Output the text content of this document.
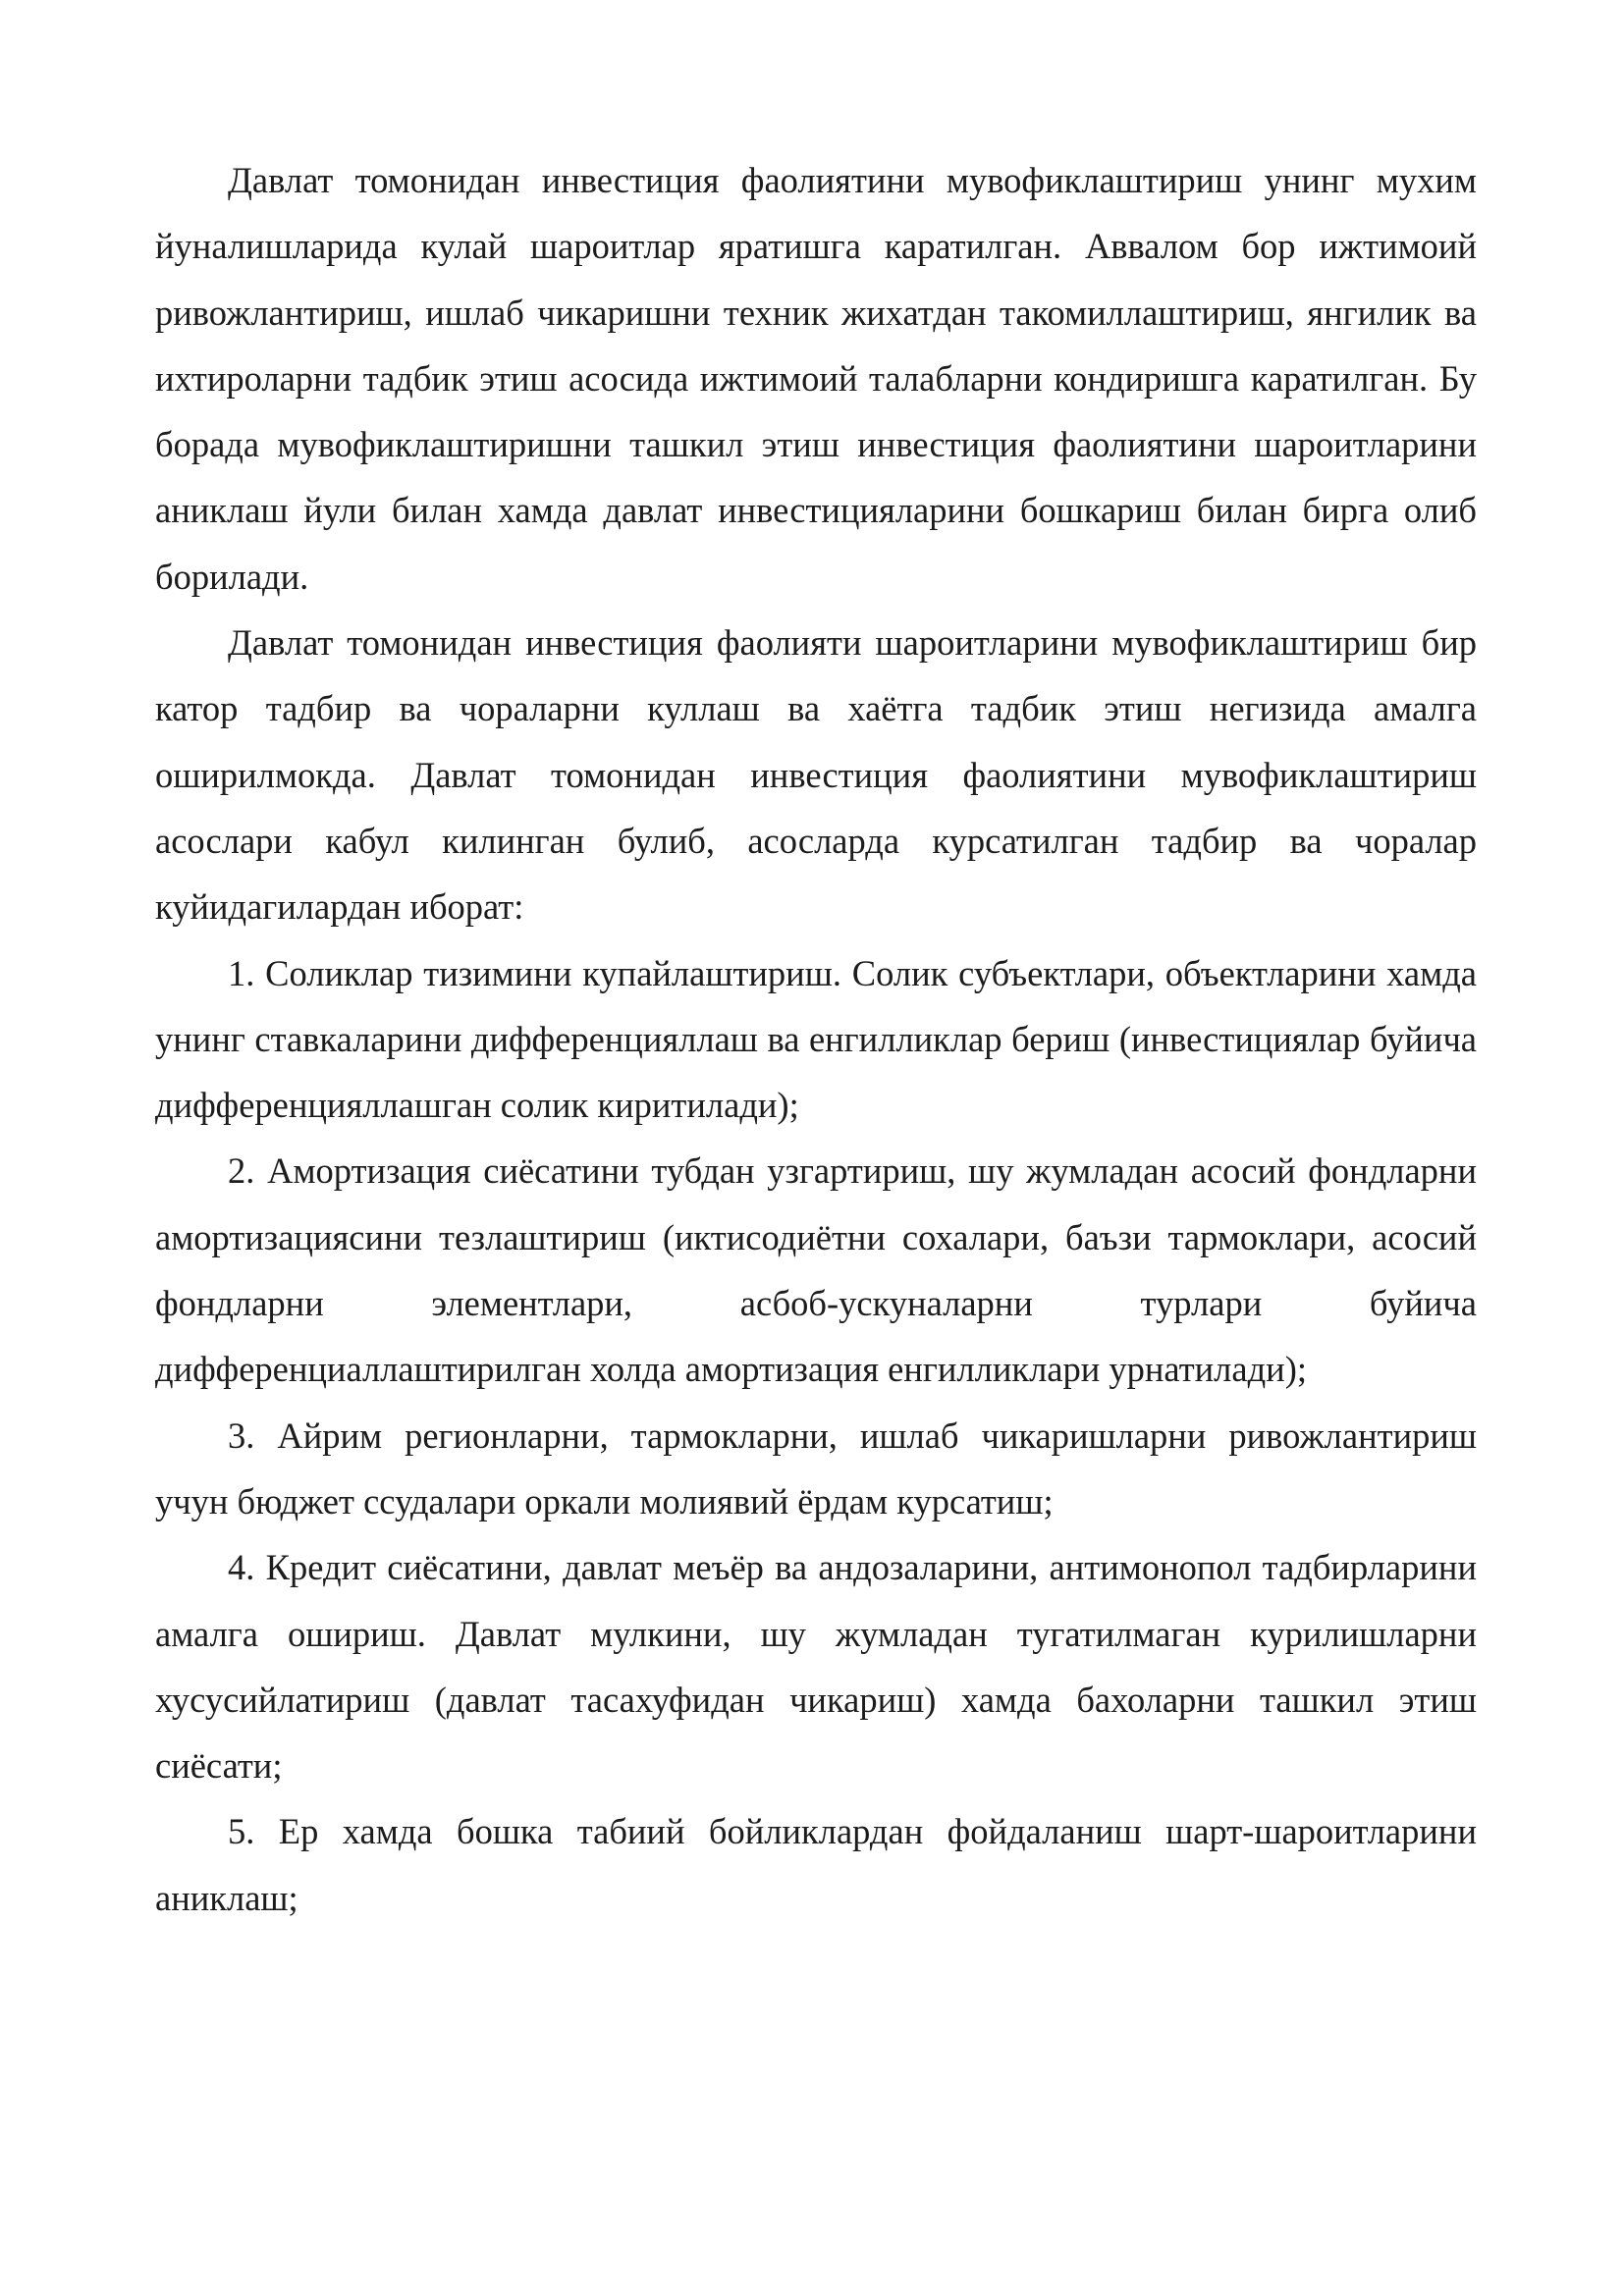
Давлат томонидан инвестиция фаолиятини мувофиклаштириш унинг мухим йуналишларида кулай шароитлар яратишга каратилган. Аввалом бор ижтимоий ривожлантириш, ишлаб чикаришни техник жихатдан такомиллаштириш, янгилик ва ихтироларни тадбик этиш асосида ижтимоий талабларни кондиришга каратилган. Бу борада мувофиклаштиришни ташкил этиш инвестиция фаолиятини шароитларини аниклаш йули билан хамда давлат инвестицияларини бошкариш билан бирга олиб борилади.

Давлат томонидан инвестиция фаолияти шароитларини мувофиклаштириш бир катор тадбир ва чораларни куллаш ва хаётга тадбик этиш негизида амалга оширилмокда. Давлат томонидан инвестиция фаолиятини мувофиклаштириш асослари кабул килинган булиб, асосларда курсатилган тадбир ва чоралар куйидагилардан иборат:

1. Соликлар тизимини купайлаштириш. Солик субъектлари, объектларини хамда унинг ставкаларини дифференцияллаш ва енгилликлар бериш (инвестициялар буйича дифференцияллашган солик киритилади);

2. Амортизация сиёсатини тубдан узгартириш, шу жумладан асосий фондларни амортизациясини тезлаштириш (иктисодиётни сохалари, баъзи тармоклари, асосий фондларни элементлари, асбоб-ускуналарни турлари буйича дифференциаллаштирилган холда амортизация енгилликлари урнатилади);

3. Айрим регионларни, тармокларни, ишлаб чикаришларни ривожлантириш учун бюджет ссудалари оркали молиявий ёрдам курсатиш;

4. Кредит сиёсатини, давлат меъёр ва андозаларини, антимонопол тадбирларини амалга ошириш. Давлат мулкини, шу жумладан тугатилмаган курилишларни хусусийлатириш (давлат тасахуфидан чикариш) хамда бахоларни ташкил этиш сиёсати;

5. Ер хамда бошка табиий бойликлардан фойдаланиш шарт-шароитларини аниклаш;
